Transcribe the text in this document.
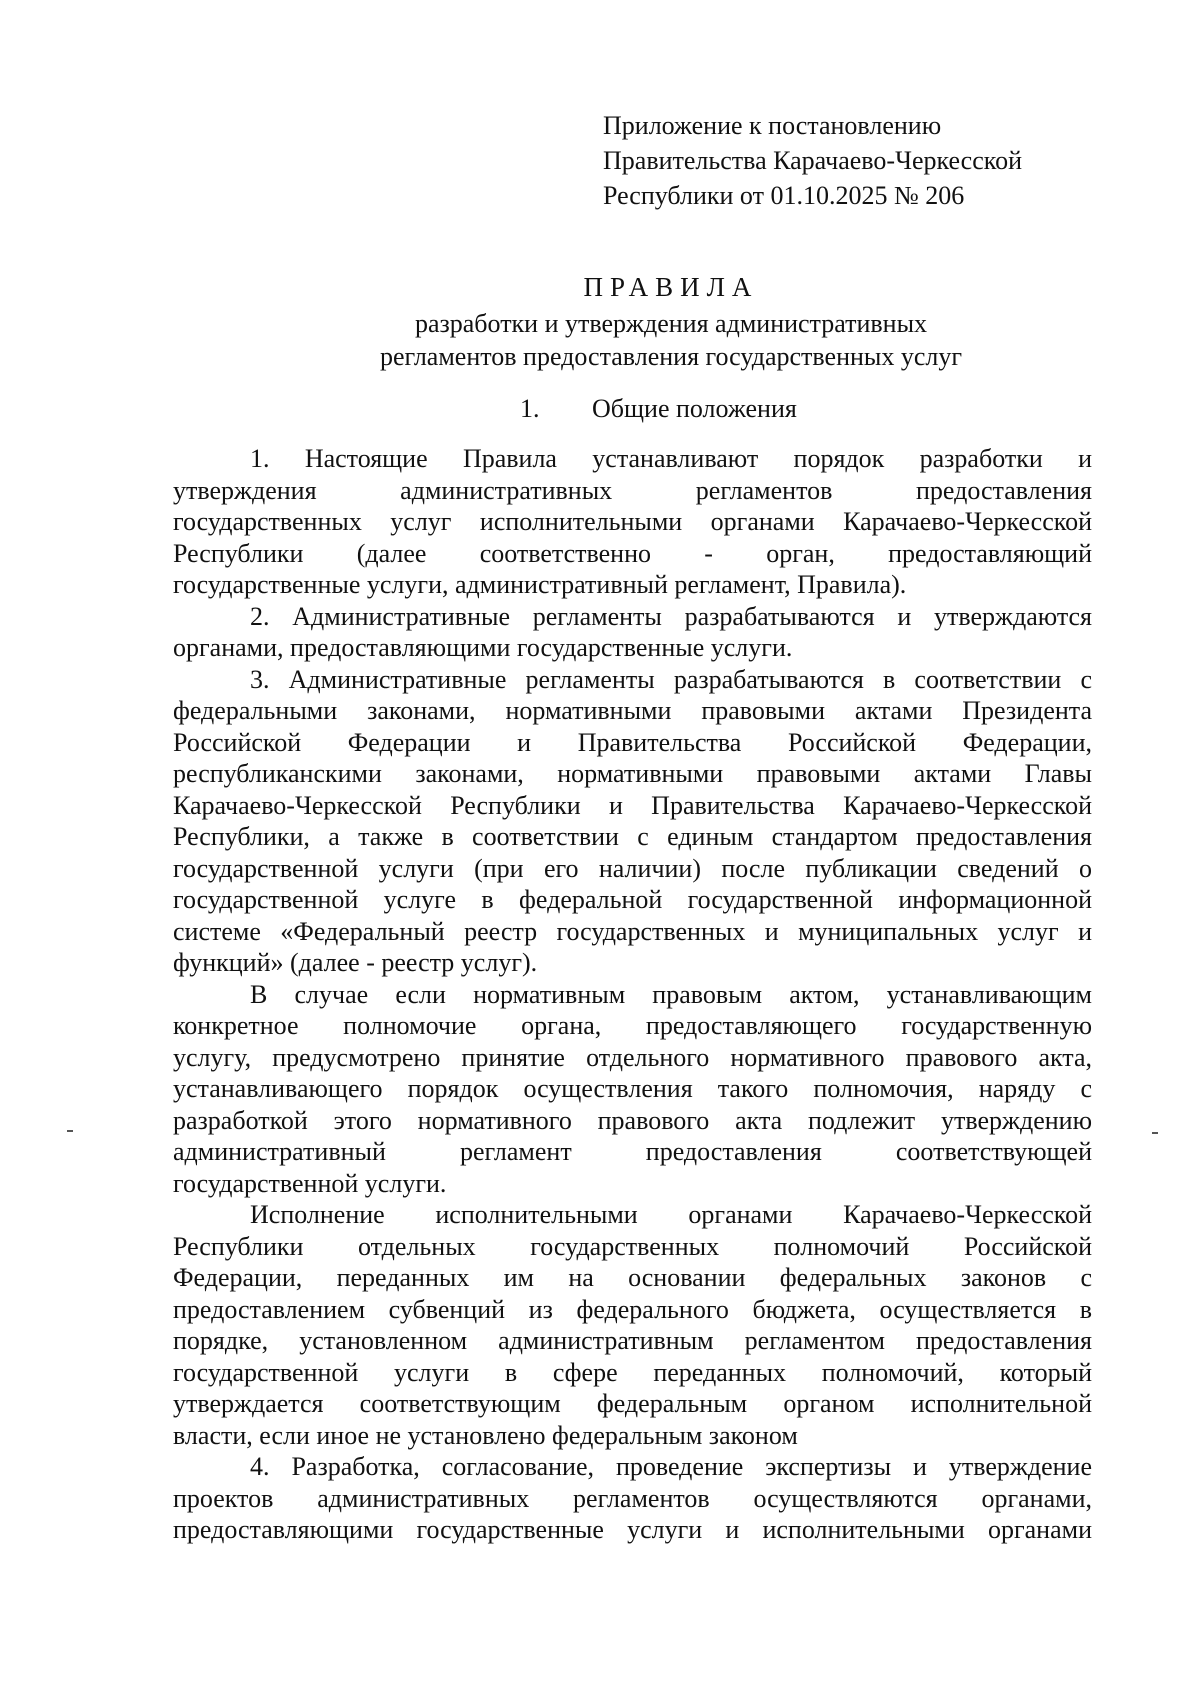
Приложение к постановлению
Правительства Карачаево-Черкесской
Республики от 01.10.2025 № 206
ПРАВИЛА
разработки и утверждения административных
регламентов предоставления государственных услуг
1. Общие положения
1. Настоящие Правила устанавливают порядок разработки и
утверждения административных регламентов предоставления
государственных услуг исполнительными органами Карачаево-Черкесской
Республики (далее соответственно - орган, предоставляющий
государственные услуги, административный регламент, Правила).
2. Административные регламенты разрабатываются и утверждаются
органами, предоставляющими государственные услуги.
3. Административные регламенты разрабатываются в соответствии с
федеральными законами, нормативными правовыми актами Президента
Российской Федерации и Правительства Российской Федерации,
республиканскими законами, нормативными правовыми актами Главы
Карачаево-Черкесской Республики и Правительства Карачаево-Черкесской
Республики, а также в соответствии с единым стандартом предоставления
государственной услуги (при его наличии) после публикации сведений о
государственной услуге в федеральной государственной информационной
системе «Федеральный реестр государственных и муниципальных услуг и
функций» (далее - реестр услуг).
В случае если нормативным правовым актом, устанавливающим
конкретное полномочие органа, предоставляющего государственную
услугу, предусмотрено принятие отдельного нормативного правового акта,
устанавливающего порядок осуществления такого полномочия, наряду с
разработкой этого нормативного правового акта подлежит утверждению
административный регламент предоставления соответствующей
государственной услуги.
Исполнение исполнительными органами Карачаево-Черкесской
Республики отдельных государственных полномочий Российской
Федерации, переданных им на основании федеральных законов с
предоставлением субвенций из федерального бюджета, осуществляется в
порядке, установленном административным регламентом предоставления
государственной услуги в сфере переданных полномочий, который
утверждается соответствующим федеральным органом исполнительной
власти, если иное не установлено федеральным законом
4. Разработка, согласование, проведение экспертизы и утверждение
проектов административных регламентов осуществляются органами,
предоставляющими государственные услуги и исполнительными органами
